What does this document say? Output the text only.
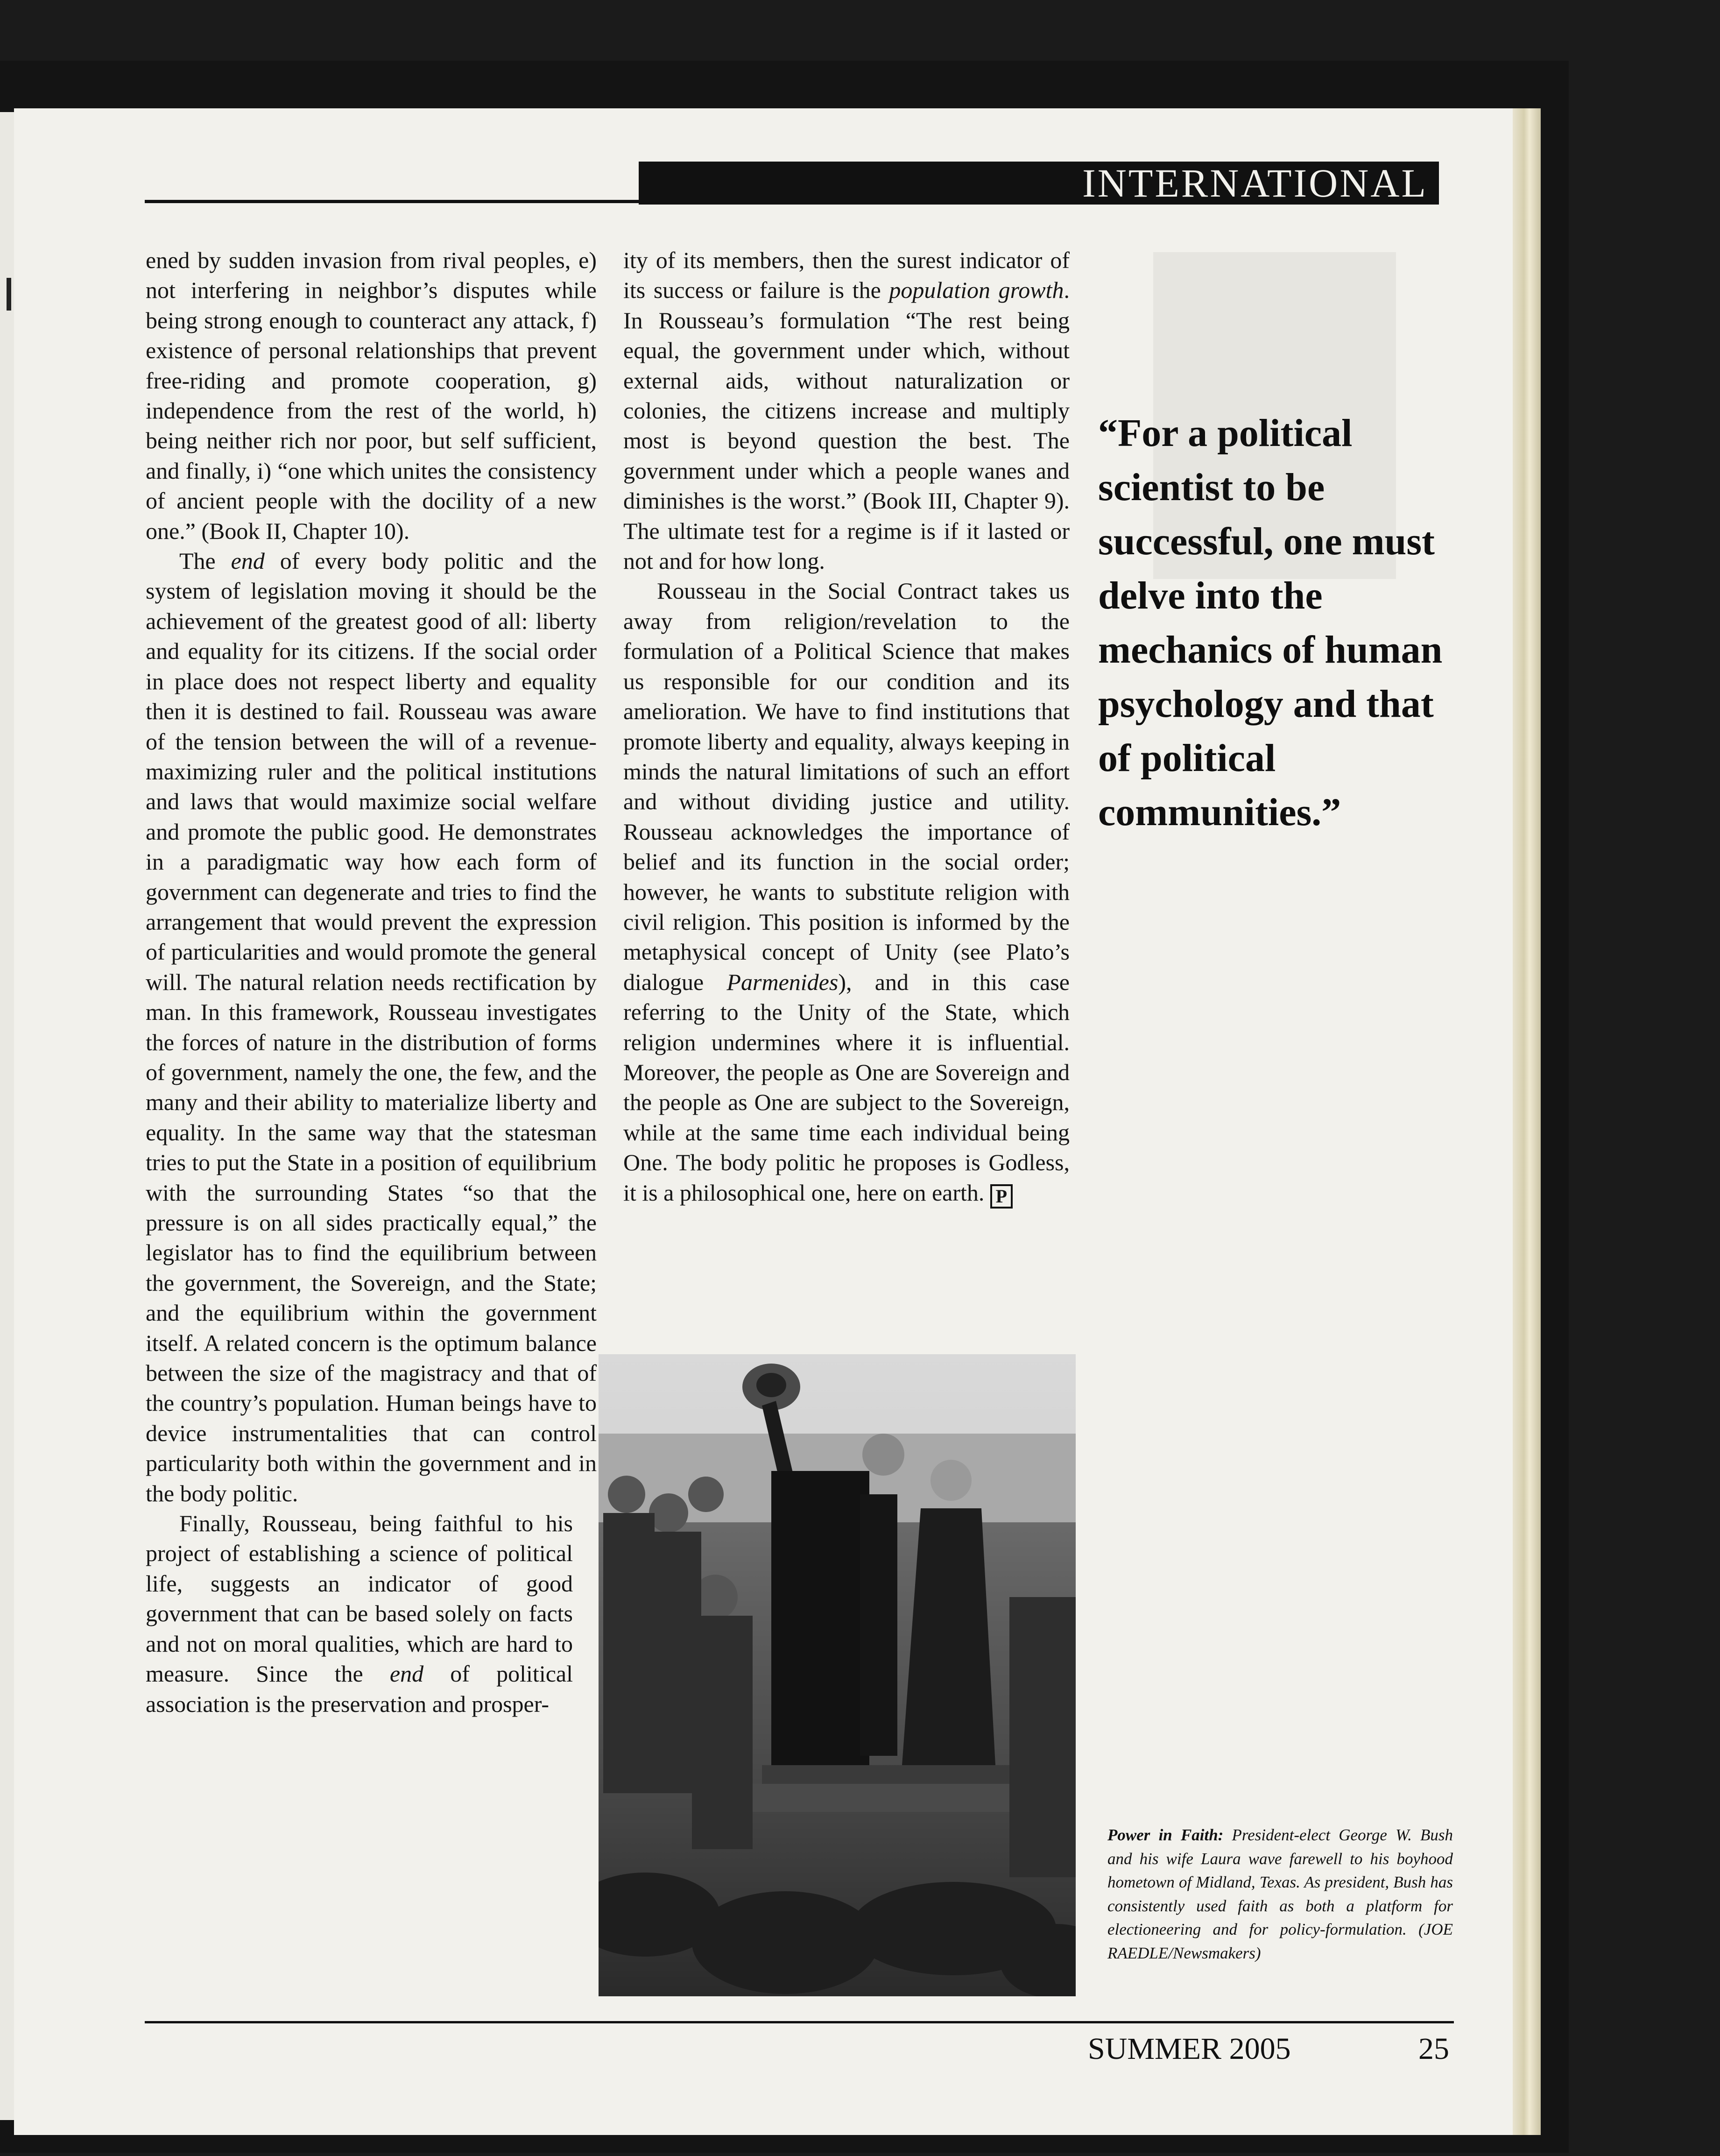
INTERNATIONAL

ened by sudden invasion from rival peoples, e) not interfering in neighbor’s disputes while being strong enough to counteract any attack, f) existence of personal relationships that prevent free-riding and promote cooperation, g) independence from the rest of the world, h) being neither rich nor poor, but self sufficient, and finally, i) “one which unites the consistency of ancient people with the docility of a new one.” (Book II, Chapter 10).

The end of every body politic and the system of legislation moving it should be the achievement of the greatest good of all: liberty and equality for its citizens. If the social order in place does not respect liberty and equality then it is destined to fail. Rousseau was aware of the tension between the will of a revenue-maximizing ruler and the political institutions and laws that would maximize social welfare and promote the public good. He demonstrates in a paradigmatic way how each form of government can degenerate and tries to find the arrangement that would prevent the expression of particularities and would promote the general will. The natural relation needs rectification by man. In this framework, Rousseau investigates the forces of nature in the distribution of forms of government, namely the one, the few, and the many and their ability to materialize liberty and equality. In the same way that the statesman tries to put the State in a position of equilibrium with the surrounding States “so that the pressure is on all sides practically equal,” the legislator has to find the equilibrium between the government, the Sovereign, and the State; and the equilibrium within the government itself. A related concern is the optimum balance between the size of the magistracy and that of the country’s population. Human beings have to device instrumentalities that can control particularity both within the government and in the body politic.

Finally, Rousseau, being faithful to his project of establishing a science of political life, suggests an indicator of good government that can be based solely on facts and not on moral qualities, which are hard to measure. Since the end of political association is the preservation and prosper-

ity of its members, then the surest indicator of its success or failure is the population growth. In Rousseau’s formulation “The rest being equal, the government under which, without external aids, without naturalization or colonies, the citizens increase and multiply most is beyond question the best. The government under which a people wanes and diminishes is the worst.” (Book III, Chapter 9). The ultimate test for a regime is if it lasted or not and for how long.

Rousseau in the Social Contract takes us away from religion/revelation to the formulation of a Political Science that makes us responsible for our condition and its amelioration. We have to find institutions that promote liberty and equality, always keeping in minds the natural limitations of such an effort and without dividing justice and utility. Rousseau acknowledges the importance of belief and its function in the social order; however, he wants to substitute religion with civil religion. This position is informed by the metaphysical concept of Unity (see Plato’s dialogue Parmenides), and in this case referring to the Unity of the State, which religion undermines where it is influential. Moreover, the people as One are Sovereign and the people as One are subject to the Sovereign, while at the same time each individual being One. The body politic he proposes is Godless, it is a philosophical one, here on earth. P

“For a political scientist to be successful, one must delve into the mechanics of human psychology and that of political communities.”
Power in Faith: President-elect George W. Bush and his wife Laura wave farewell to his boyhood hometown of Midland, Texas. As president, Bush has consistently used faith as both a platform for electioneering and for policy-formulation. (JOE RAEDLE/Newsmakers)
SUMMER 2005	25
